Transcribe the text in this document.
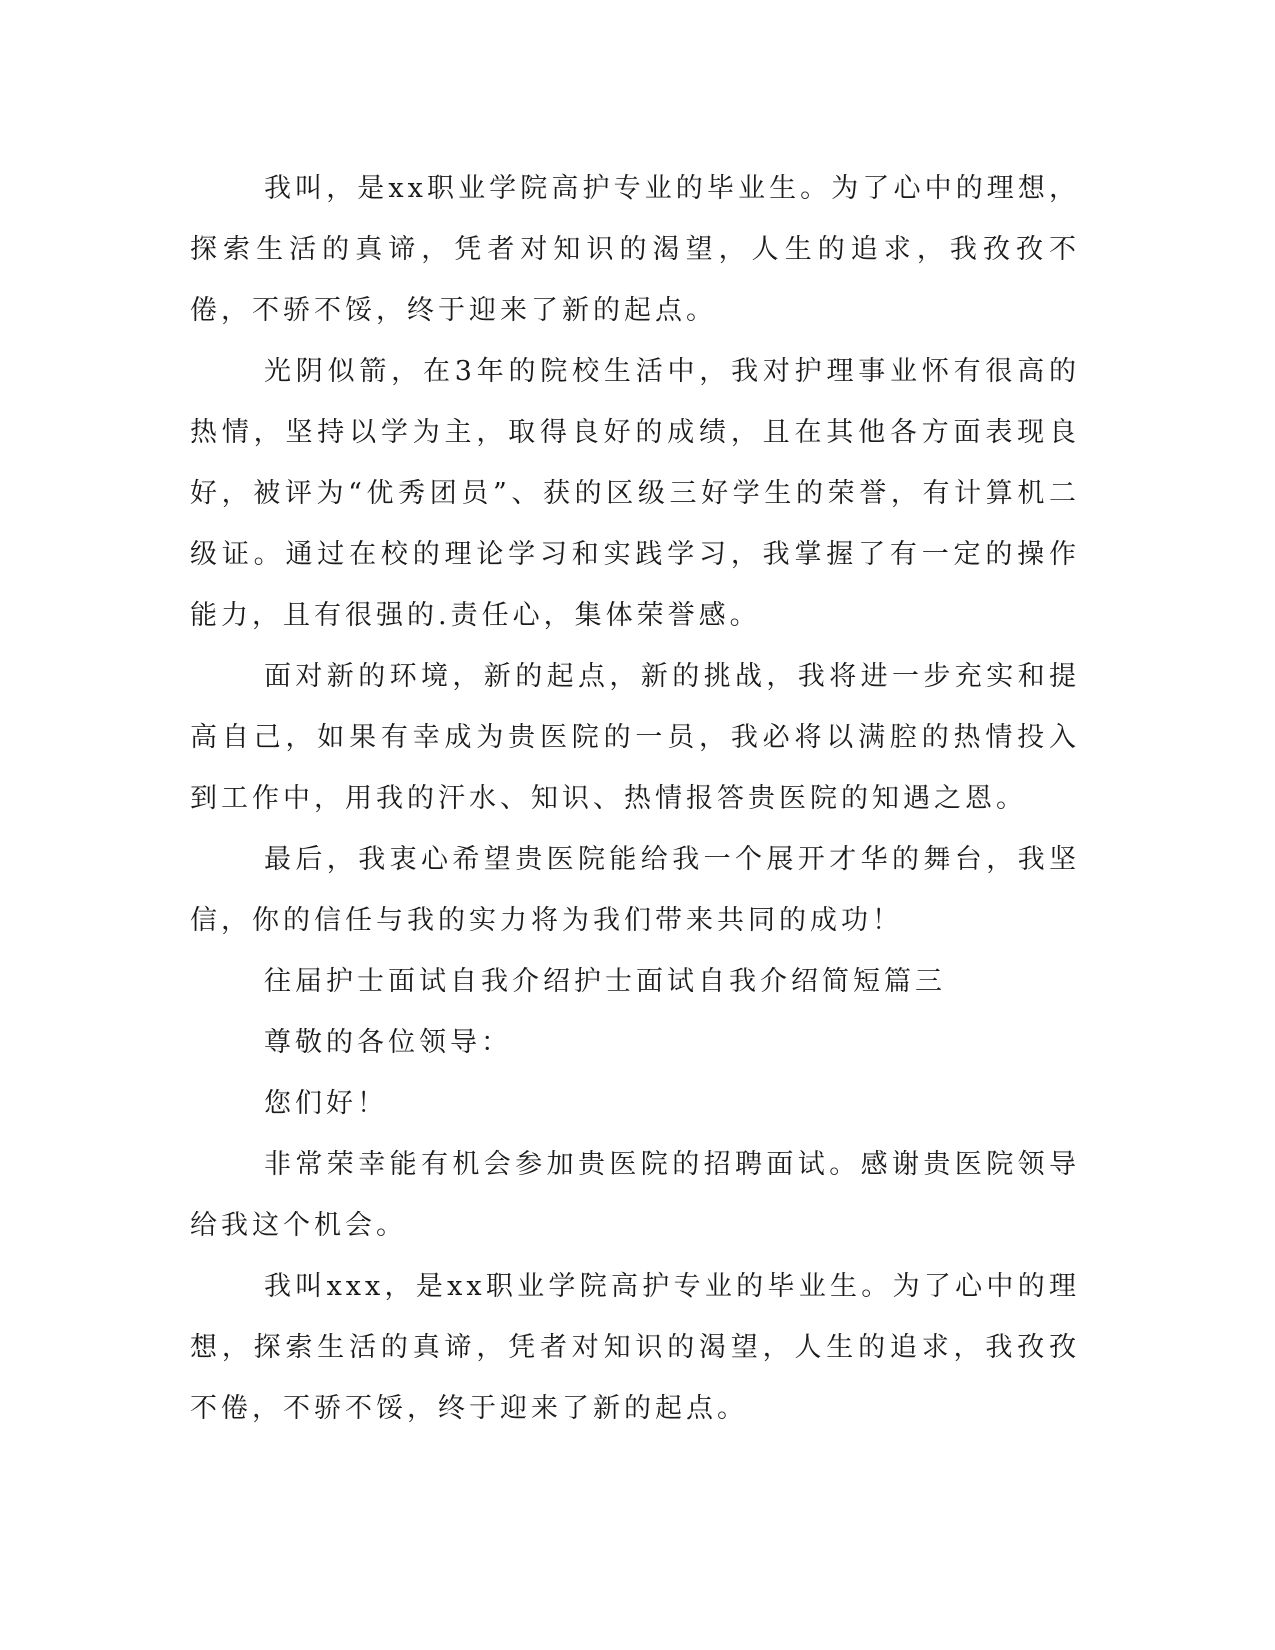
我叫，是xx职业学院高护专业的毕业生。为了心中的理想，探索生活的真谛，凭者对知识的渴望，人生的追求，我孜孜不倦，不骄不馁，终于迎来了新的起点。

光阴似箭，在3年的院校生活中，我对护理事业怀有很高的热情，坚持以学为主，取得良好的成绩，且在其他各方面表现良好，被评为“优秀团员”、获的区级三好学生的荣誉，有计算机二级证。通过在校的理论学习和实践学习，我掌握了有一定的操作能力，且有很强的.责任心，集体荣誉感。

面对新的环境，新的起点，新的挑战，我将进一步充实和提高自己，如果有幸成为贵医院的一员，我必将以满腔的热情投入到工作中，用我的汗水、知识、热情报答贵医院的知遇之恩。

最后，我衷心希望贵医院能给我一个展开才华的舞台，我坚信，你的信任与我的实力将为我们带来共同的成功！

往届护士面试自我介绍护士面试自我介绍简短篇三

尊敬的各位领导：

您们好！

非常荣幸能有机会参加贵医院的招聘面试。感谢贵医院领导给我这个机会。

我叫xxx，是xx职业学院高护专业的毕业生。为了心中的理想，探索生活的真谛，凭者对知识的渴望，人生的追求，我孜孜不倦，不骄不馁，终于迎来了新的起点。
